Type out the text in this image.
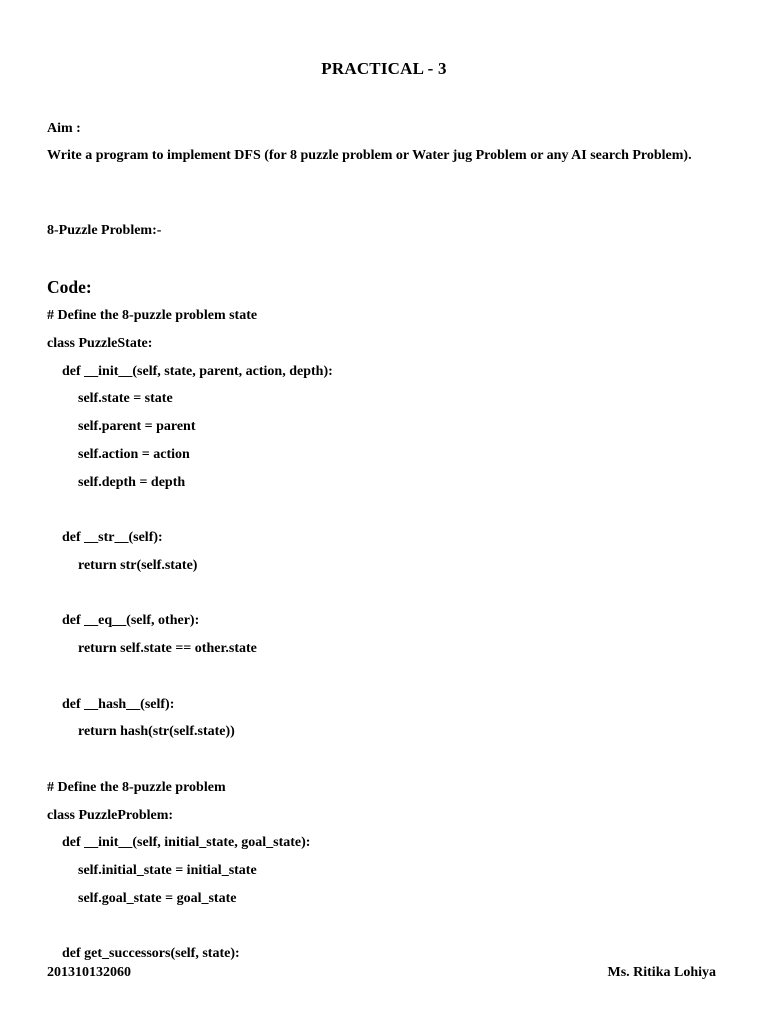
PRACTICAL - 3
Aim :
Write a program to implement DFS (for 8 puzzle problem or Water jug Problem or any AI search Problem).
8-Puzzle Problem:-
Code:
# Define the 8-puzzle problem state
class PuzzleState:
def __init__(self, state, parent, action, depth):
self.state = state
self.parent = parent
self.action = action
self.depth = depth
def __str__(self):
return str(self.state)
def __eq__(self, other):
return self.state == other.state
def __hash__(self):
return hash(str(self.state))
# Define the 8-puzzle problem
class PuzzleProblem:
def __init__(self, initial_state, goal_state):
self.initial_state = initial_state
self.goal_state = goal_state
def get_successors(self, state):
201310132060	Ms. Ritika Lohiya
